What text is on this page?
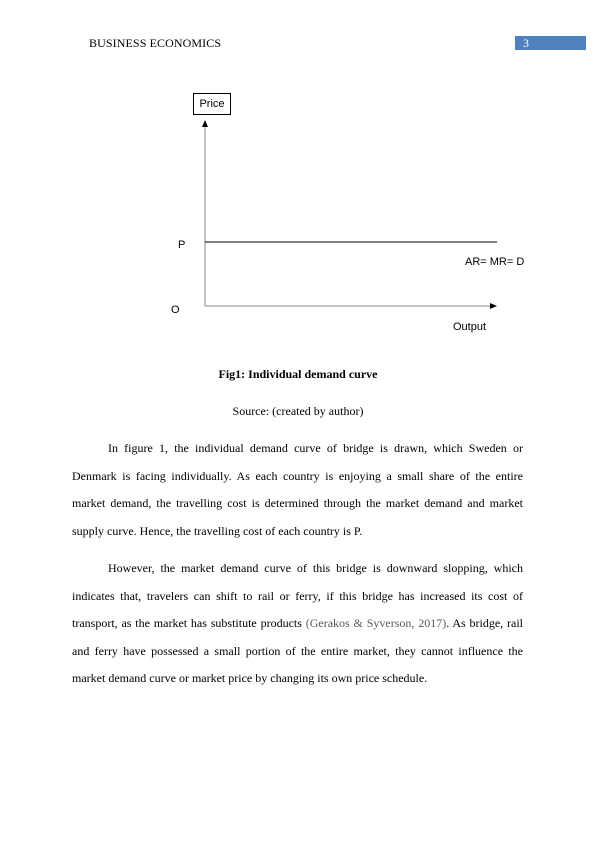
BUSINESS ECONOMICS	3
Price
P
AR= MR= D
O
Output
Fig1: Individual demand curve
Source: (created by author)

In figure 1, the individual demand curve of bridge is drawn, which Sweden or Denmark is facing individually. As each country is enjoying a small share of the entire market demand, the travelling cost is determined through the market demand and market supply curve. Hence, the travelling cost of each country is P.

However, the market demand curve of this bridge is downward slopping, which indicates that, travelers can shift to rail or ferry, if this bridge has increased its cost of transport, as the market has substitute products (Gerakos & Syverson, 2017). As bridge, rail and ferry have possessed a small portion of the entire market, they cannot influence the market demand curve or market price by changing its own price schedule.
